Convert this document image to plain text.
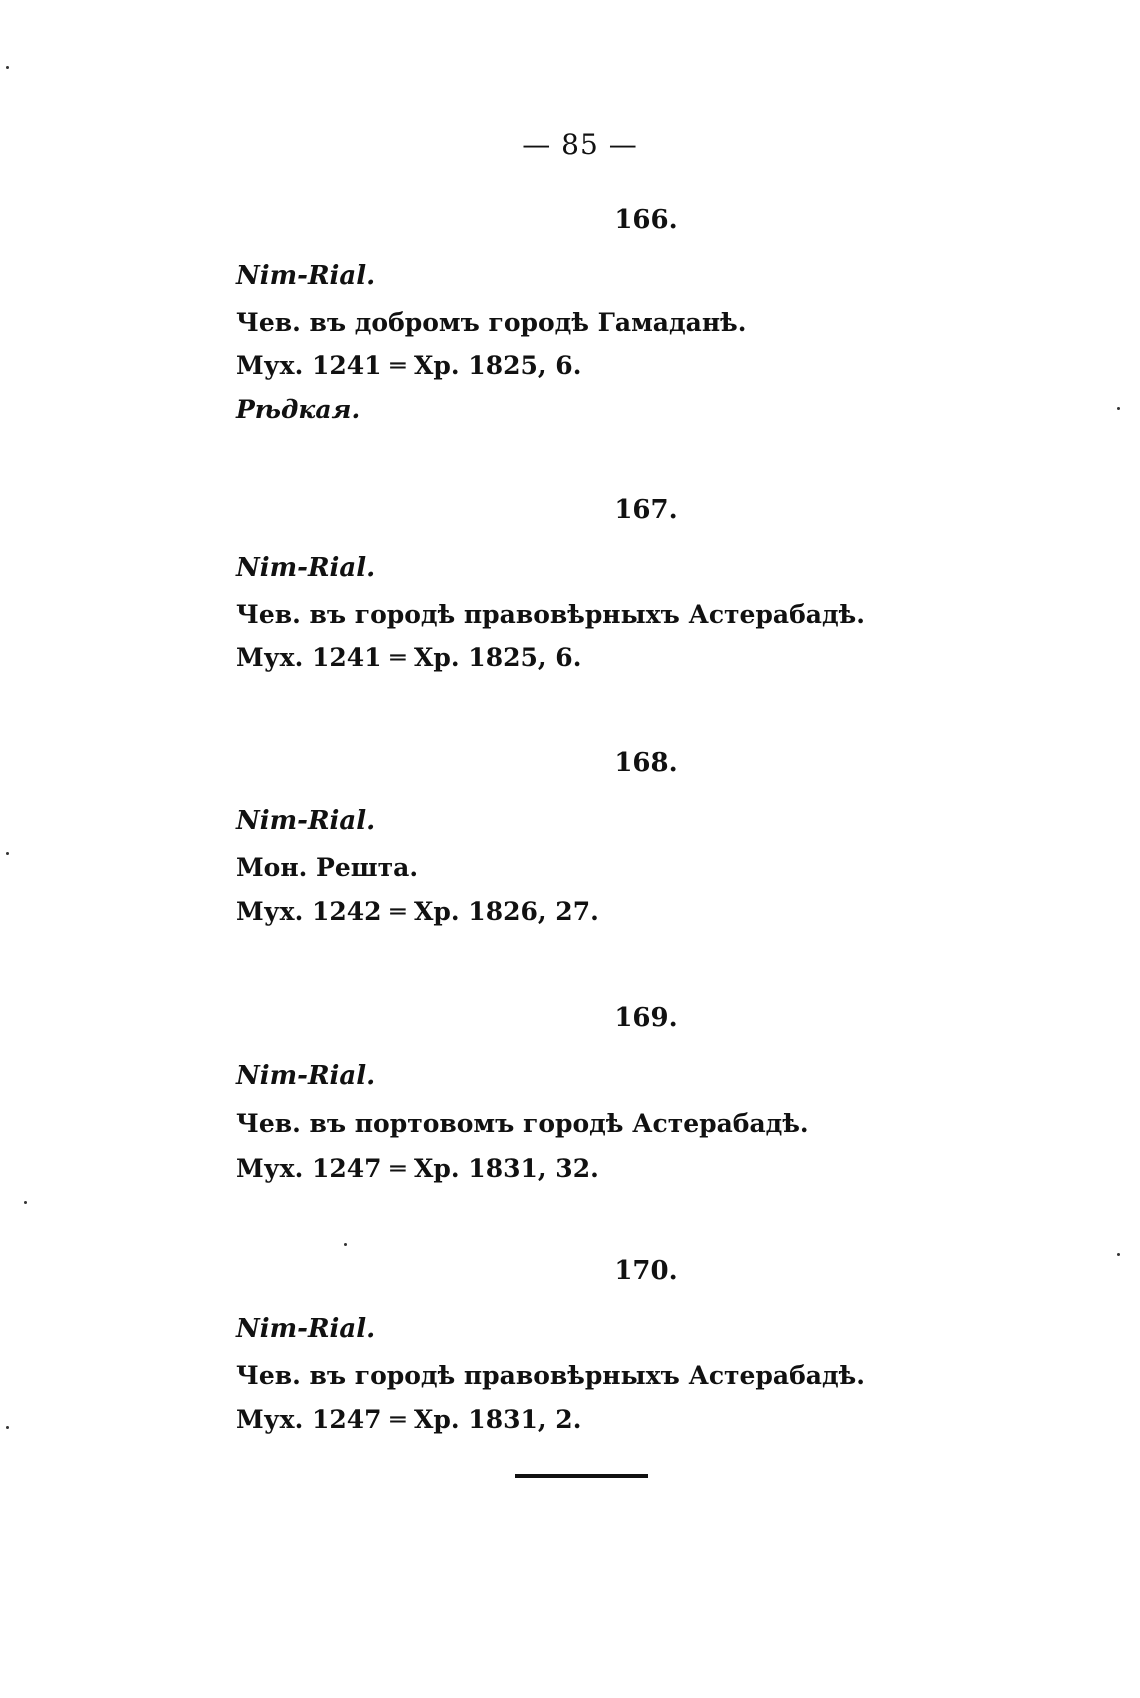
— 85 —
166.
Nim-Rial.
Чев. въ добромъ городѣ Гамаданѣ.
Мух. 1241 ═ Хр. 1825, 6.
Рѣдкая.
167.
Nim-Rial.
Чев. въ городѣ правовѣрныхъ Астерабадѣ.
Мух. 1241 ═ Хр. 1825, 6.
168.
Nim-Rial.
Мон. Решта.
Мух. 1242 ═ Хр. 1826, 27.
169.
Nim-Rial.
Чев. въ портовомъ городѣ Астерабадѣ.
Мух. 1247 ═ Хр. 1831, 32.
170.
Nim-Rial.
Чев. въ городѣ правовѣрныхъ Астерабадѣ.
Мух. 1247 ═ Хр. 1831, 2.
